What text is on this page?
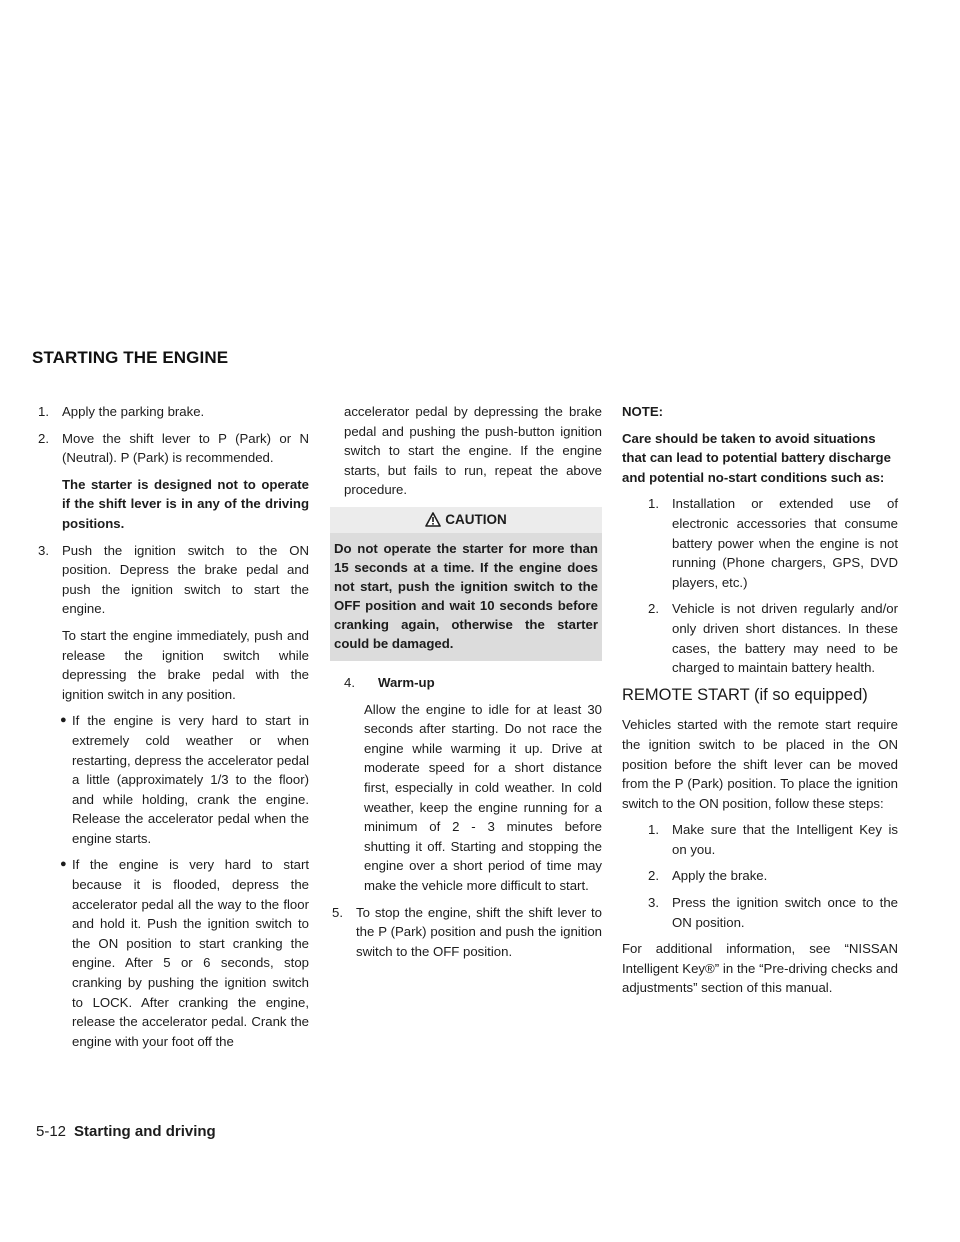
STARTING THE ENGINE
1. Apply the parking brake.
2. Move the shift lever to P (Park) or N (Neutral). P (Park) is recommended.

The starter is designed not to operate if the shift lever is in any of the driving positions.

3. Push the ignition switch to the ON position. Depress the brake pedal and push the ignition switch to start the engine.

To start the engine immediately, push and release the ignition switch while depressing the brake pedal with the ignition switch in any position.

● If the engine is very hard to start in extremely cold weather or when restarting, depress the accelerator pedal a little (approximately 1/3 to the floor) and while holding, crank the engine. Release the accelerator pedal when the engine starts.
● If the engine is very hard to start because it is flooded, depress the accelerator pedal all the way to the floor and hold it. Push the ignition switch to the ON position to start cranking the engine. After 5 or 6 seconds, stop cranking by pushing the ignition switch to LOCK. After cranking the engine, release the accelerator pedal. Crank the engine with your foot off the

accelerator pedal by depressing the brake pedal and pushing the push-button ignition switch to start the engine. If the engine starts, but fails to run, repeat the above procedure.

CAUTION
Do not operate the starter for more than 15 seconds at a time. If the engine does not start, push the ignition switch to the OFF position and wait 10 seconds before cranking again, otherwise the starter could be damaged.
4.	Warm-up

Allow the engine to idle for at least 30 seconds after starting. Do not race the engine while warming it up. Drive at moderate speed for a short distance first, especially in cold weather. In cold weather, keep the engine running for a minimum of 2 - 3 minutes before shutting it off. Starting and stopping the engine over a short period of time may make the vehicle more difficult to start.

5. To stop the engine, shift the shift lever to the P (Park) position and push the ignition switch to the OFF position.

NOTE:

Care should be taken to avoid situations that can lead to potential battery discharge and potential no-start conditions such as:

1. Installation or extended use of electronic accessories that consume battery power when the engine is not running (Phone chargers, GPS, DVD players, etc.)
2. Vehicle is not driven regularly and/or only driven short distances. In these cases, the battery may need to be charged to maintain battery health.
REMOTE START (if so equipped)

Vehicles started with the remote start require the ignition switch to be placed in the ON position before the shift lever can be moved from the P (Park) position. To place the ignition switch to the ON position, follow these steps:

1. Make sure that the Intelligent Key is on you.
2. Apply the brake.
3. Press the ignition switch once to the ON position.

For additional information, see “NISSAN Intelligent Key®” in the “Pre-driving checks and adjustments” section of this manual.

5-12 Starting and driving
